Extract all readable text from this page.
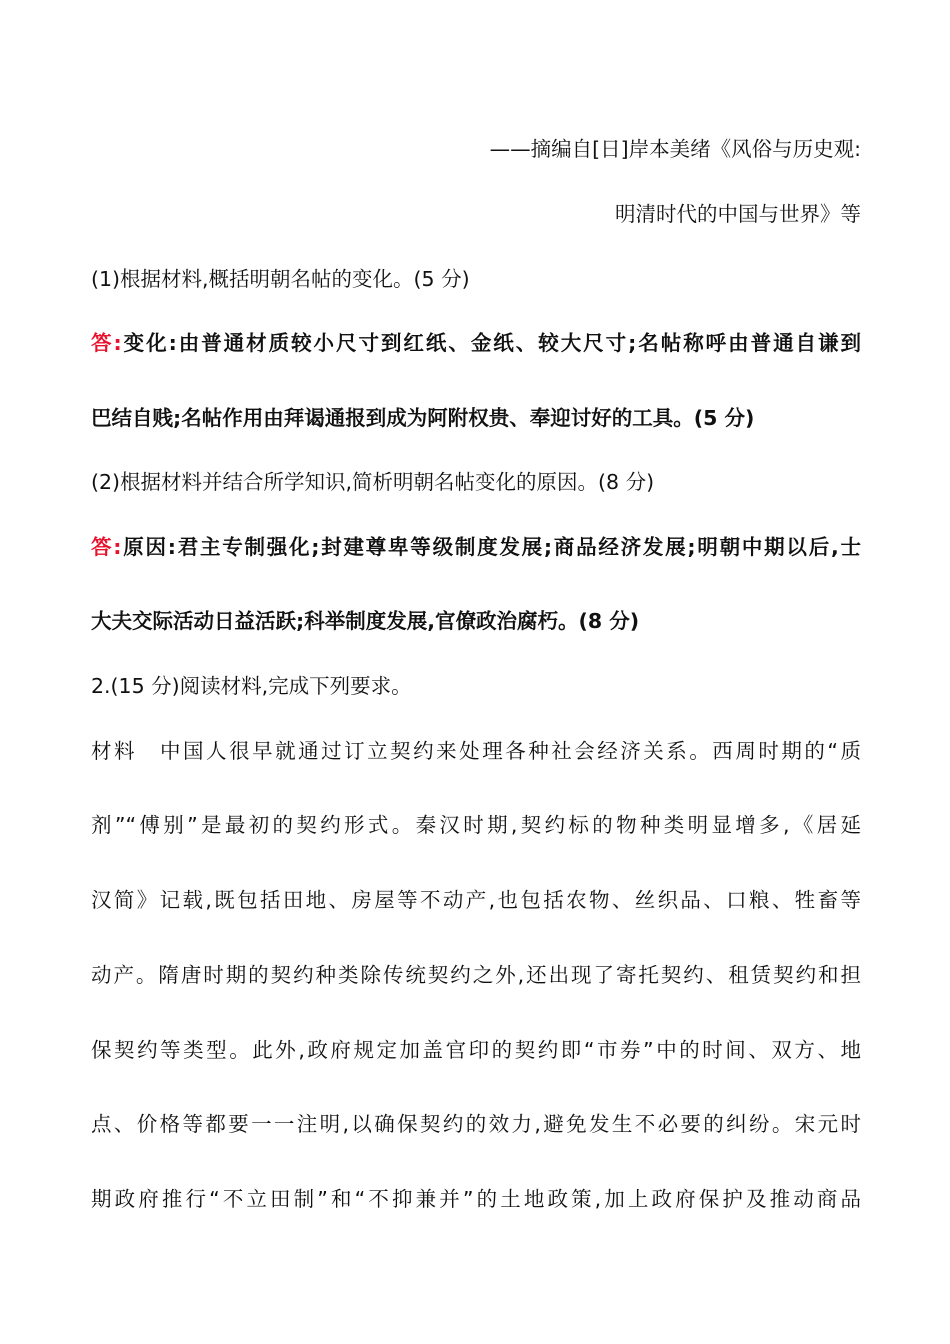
——摘编自[日]岸本美绪《风俗与历史观:
明清时代的中国与世界》等
(1)根据材料,概括明朝名帖的变化。(5 分)
答:变化:由普通材质较小尺寸到红纸、金纸、较大尺寸;名帖称呼由普通自谦到
巴结自贱;名帖作用由拜谒通报到成为阿附权贵、奉迎讨好的工具。(5 分)
(2)根据材料并结合所学知识,简析明朝名帖变化的原因。(8 分)
答:原因:君主专制强化;封建尊卑等级制度发展;商品经济发展;明朝中期以后,士
大夫交际活动日益活跃;科举制度发展,官僚政治腐朽。(8 分)
2.(15 分)阅读材料,完成下列要求。
材料　中国人很早就通过订立契约来处理各种社会经济关系。西周时期的“质
剂”“傅别”是最初的契约形式。秦汉时期,契约标的物种类明显增多,《居延
汉简》记载,既包括田地、房屋等不动产,也包括农物、丝织品、口粮、牲畜等
动产。隋唐时期的契约种类除传统契约之外,还出现了寄托契约、租赁契约和担
保契约等类型。此外,政府规定加盖官印的契约即“市券”中的时间、双方、地
点、价格等都要一一注明,以确保契约的效力,避免发生不必要的纠纷。宋元时
期政府推行“不立田制”和“不抑兼并”的土地政策,加上政府保护及推动商品
